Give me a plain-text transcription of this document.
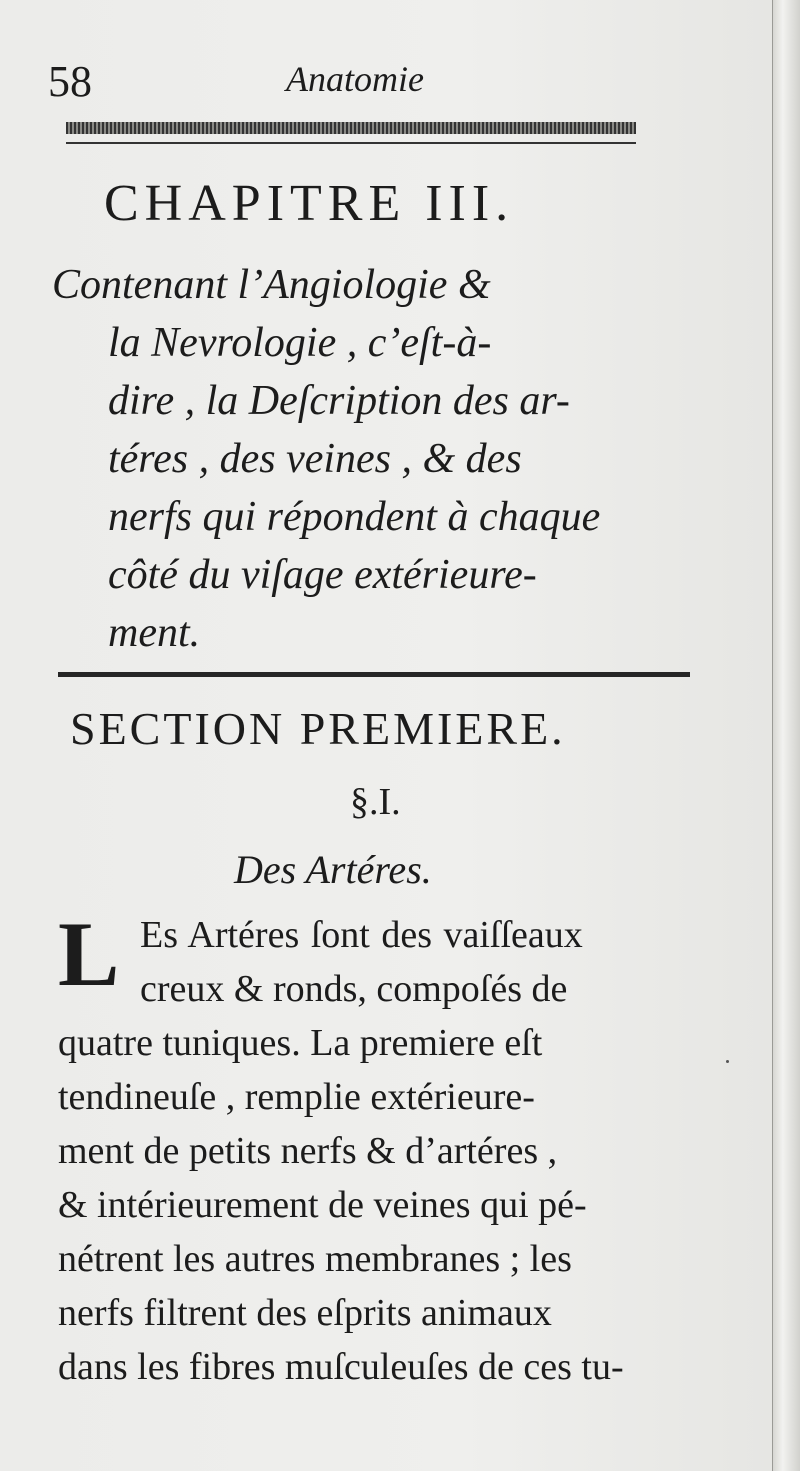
58	Anatomie
CHAPITRE III.
Contenant l’Angiologie &
la Nevrologie , c’eſt-à-
dire , la Deſcription des ar-
téres , des veines , & des
nerfs qui répondent à chaque
côté du viſage extérieure-
ment.
SECTION PREMIERE.
§.I.
Des Artéres.
L Es Artéres ſont des vaiſſeaux
creux & ronds, compoſés de
quatre tuniques. La premiere eſt
tendineuſe , remplie extérieure-
ment de petits nerfs & d’artéres ,
& intérieurement de veines qui pé-
nétrent les autres membranes ; les
nerfs filtrent des eſprits animaux
dans les fibres muſculeuſes de ces tu-
